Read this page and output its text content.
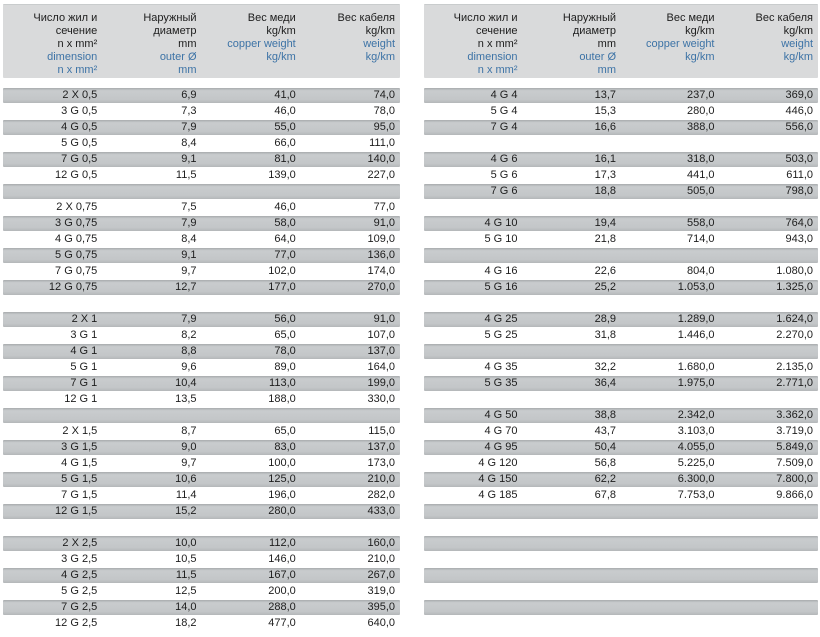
Число жил и
сечение
n x mm²
dimension
n x mm²
Наружный
диаметр
mm
outer Ø
mm
Вес меди
kg/km
copper weight
kg/km
Вес кабеля
kg/km
weight
kg/km
2 X 0,5	6,9	41,0	74,0
3 G 0,5	7,3	46,0	78,0
4 G 0,5	7,9	55,0	95,0
5 G 0,5	8,4	66,0	111,0
7 G 0,5	9,1	81,0	140,0
12 G 0,5	11,5	139,0	227,0
2 X 0,75	7,5	46,0	77,0
3 G 0,75	7,9	58,0	91,0
4 G 0,75	8,4	64,0	109,0
5 G 0,75	9,1	77,0	136,0
7 G 0,75	9,7	102,0	174,0
12 G 0,75	12,7	177,0	270,0
2 X 1	7,9	56,0	91,0
3 G 1	8,2	65,0	107,0
4 G 1	8,8	78,0	137,0
5 G 1	9,6	89,0	164,0
7 G 1	10,4	113,0	199,0
12 G 1	13,5	188,0	330,0
2 X 1,5	8,7	65,0	115,0
3 G 1,5	9,0	83,0	137,0
4 G 1,5	9,7	100,0	173,0
5 G 1,5	10,6	125,0	210,0
7 G 1,5	11,4	196,0	282,0
12 G 1,5	15,2	280,0	433,0
2 X 2,5	10,0	112,0	160,0
3 G 2,5	10,5	146,0	210,0
4 G 2,5	11,5	167,0	267,0
5 G 2,5	12,5	200,0	319,0
7 G 2,5	14,0	288,0	395,0
12 G 2,5	18,2	477,0	640,0
Число жил и
сечение
n x mm²
dimension
n x mm²
Наружный
диаметр
mm
outer Ø
mm
Вес меди
kg/km
copper weight
kg/km
Вес кабеля
kg/km
weight
kg/km
4 G 4	13,7	237,0	369,0
5 G 4	15,3	280,0	446,0
7 G 4	16,6	388,0	556,0
4 G 6	16,1	318,0	503,0
5 G 6	17,3	441,0	611,0
7 G 6	18,8	505,0	798,0
4 G 10	19,4	558,0	764,0
5 G 10	21,8	714,0	943,0
4 G 16	22,6	804,0	1.080,0
5 G 16	25,2	1.053,0	1.325,0
4 G 25	28,9	1.289,0	1.624,0
5 G 25	31,8	1.446,0	2.270,0
4 G 35	32,2	1.680,0	2.135,0
5 G 35	36,4	1.975,0	2.771,0
4 G 50	38,8	2.342,0	3.362,0
4 G 70	43,7	3.103,0	3.719,0
4 G 95	50,4	4.055,0	5.849,0
4 G 120	56,8	5.225,0	7.509,0
4 G 150	62,2	6.300,0	7.800,0
4 G 185	67,8	7.753,0	9.866,0
